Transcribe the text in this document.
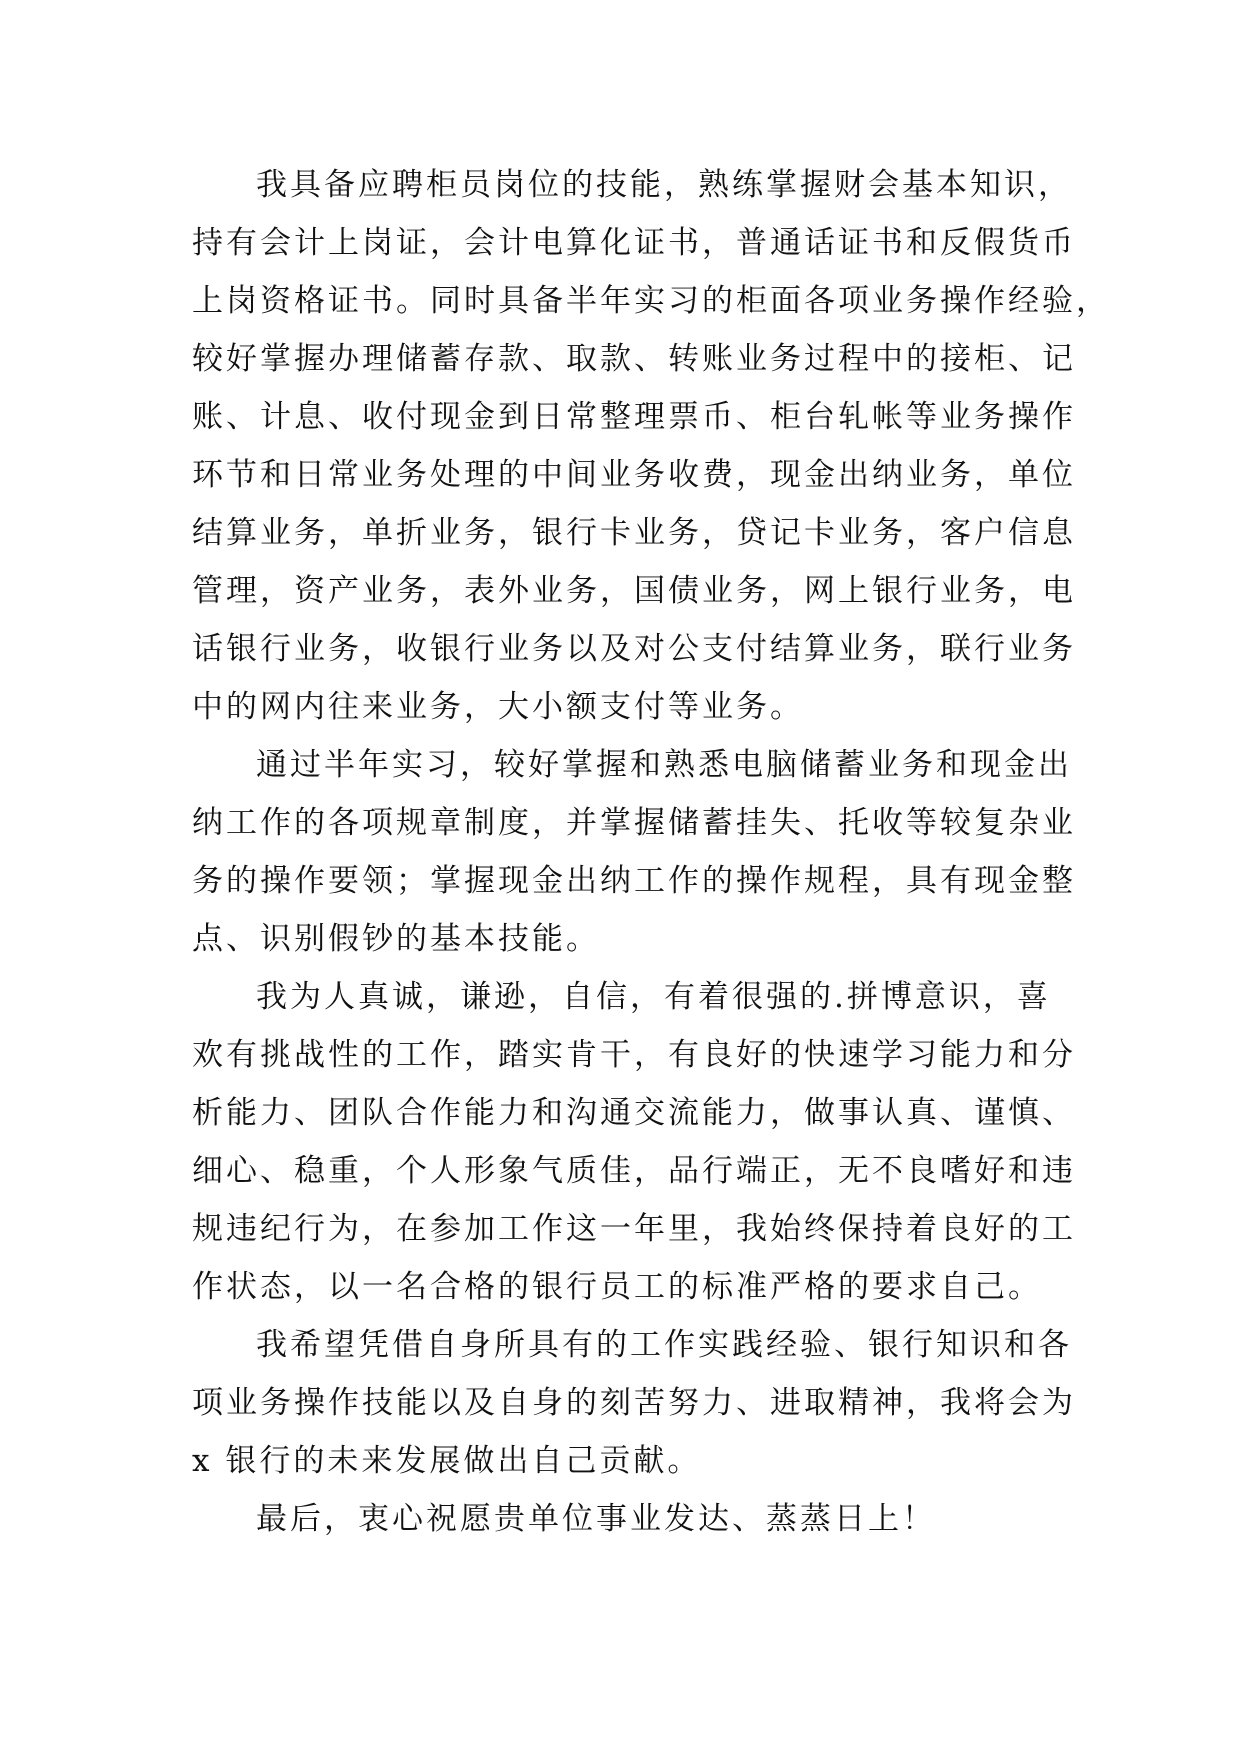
我具备应聘柜员岗位的技能，熟练掌握财会基本知识，
持有会计上岗证，会计电算化证书，普通话证书和反假货币
上岗资格证书。同时具备半年实习的柜面各项业务操作经验，
较好掌握办理储蓄存款、取款、转账业务过程中的接柜、记
账、计息、收付现金到日常整理票币、柜台轧帐等业务操作
环节和日常业务处理的中间业务收费，现金出纳业务，单位
结算业务，单折业务，银行卡业务，贷记卡业务，客户信息
管理，资产业务，表外业务，国债业务，网上银行业务，电
话银行业务，收银行业务以及对公支付结算业务，联行业务
中的网内往来业务，大小额支付等业务。
通过半年实习，较好掌握和熟悉电脑储蓄业务和现金出
纳工作的各项规章制度，并掌握储蓄挂失、托收等较复杂业
务的操作要领；掌握现金出纳工作的操作规程，具有现金整
点、识别假钞的基本技能。
我为人真诚，谦逊，自信，有着很强的.拼博意识，喜
欢有挑战性的工作，踏实肯干，有良好的快速学习能力和分
析能力、团队合作能力和沟通交流能力，做事认真、谨慎、
细心、稳重，个人形象气质佳，品行端正，无不良嗜好和违
规违纪行为，在参加工作这一年里，我始终保持着良好的工
作状态，以一名合格的银行员工的标准严格的要求自己。
我希望凭借自身所具有的工作实践经验、银行知识和各
项业务操作技能以及自身的刻苦努力、进取精神，我将会为
x 银行的未来发展做出自己贡献。
最后，衷心祝愿贵单位事业发达、蒸蒸日上！
